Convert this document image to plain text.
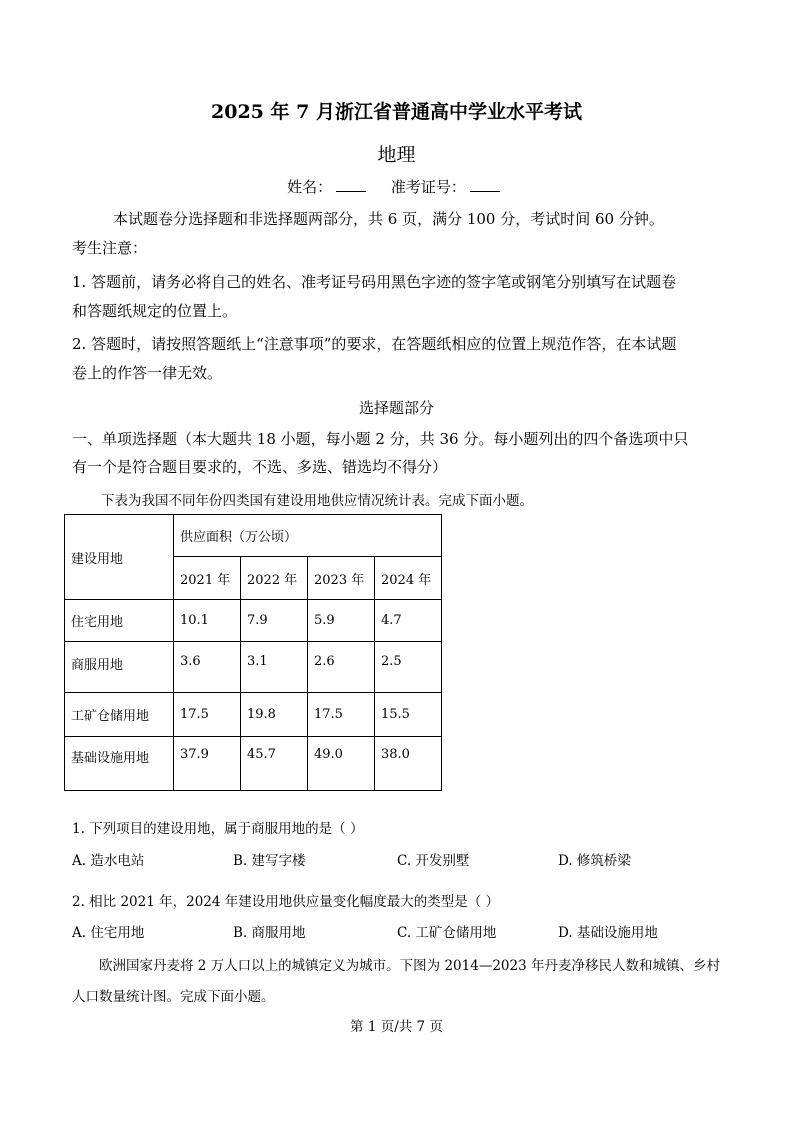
2025 年 7 月浙江省普通高中学业水平考试
地理
姓名：	准考证号：
本试题卷分选择题和非选择题两部分，共 6 页，满分 100 分，考试时间 60 分钟。
考生注意：
1. 答题前，请务必将自己的姓名、准考证号码用黑色字迹的签字笔或钢笔分别填写在试题卷
和答题纸规定的位置上。
2. 答题时，请按照答题纸上“注意事项”的要求，在答题纸相应的位置上规范作答，在本试题
卷上的作答一律无效。
选择题部分
一、单项选择题（本大题共 18 小题，每小题 2 分，共 36 分。每小题列出的四个备选项中只
有一个是符合题目要求的，不选、多选、错选均不得分）
下表为我国不同年份四类国有建设用地供应情况统计表。完成下面小题。
建设用地	供应面积（万公顷）			
	2021 年	2022 年	2023 年	2024 年
住宅用地	10.1	7.9	5.9	4.7
商服用地	3.6	3.1	2.6	2.5
工矿仓储用地	17.5	19.8	17.5	15.5
基础设施用地	37.9	45.7	49.0	38.0
1. 下列项目的建设用地，属于商服用地的是（ ）
A. 造水电站	B. 建写字楼	C. 开发别墅	D. 修筑桥梁
2. 相比 2021 年，2024 年建设用地供应量变化幅度最大的类型是（ ）
A. 住宅用地	B. 商服用地	C. 工矿仓储用地	D. 基础设施用地
欧洲国家丹麦将 2 万人口以上的城镇定义为城市。下图为 2014—2023 年丹麦净移民人数和城镇、乡村
人口数量统计图。完成下面小题。
第 1 页/共 7 页
